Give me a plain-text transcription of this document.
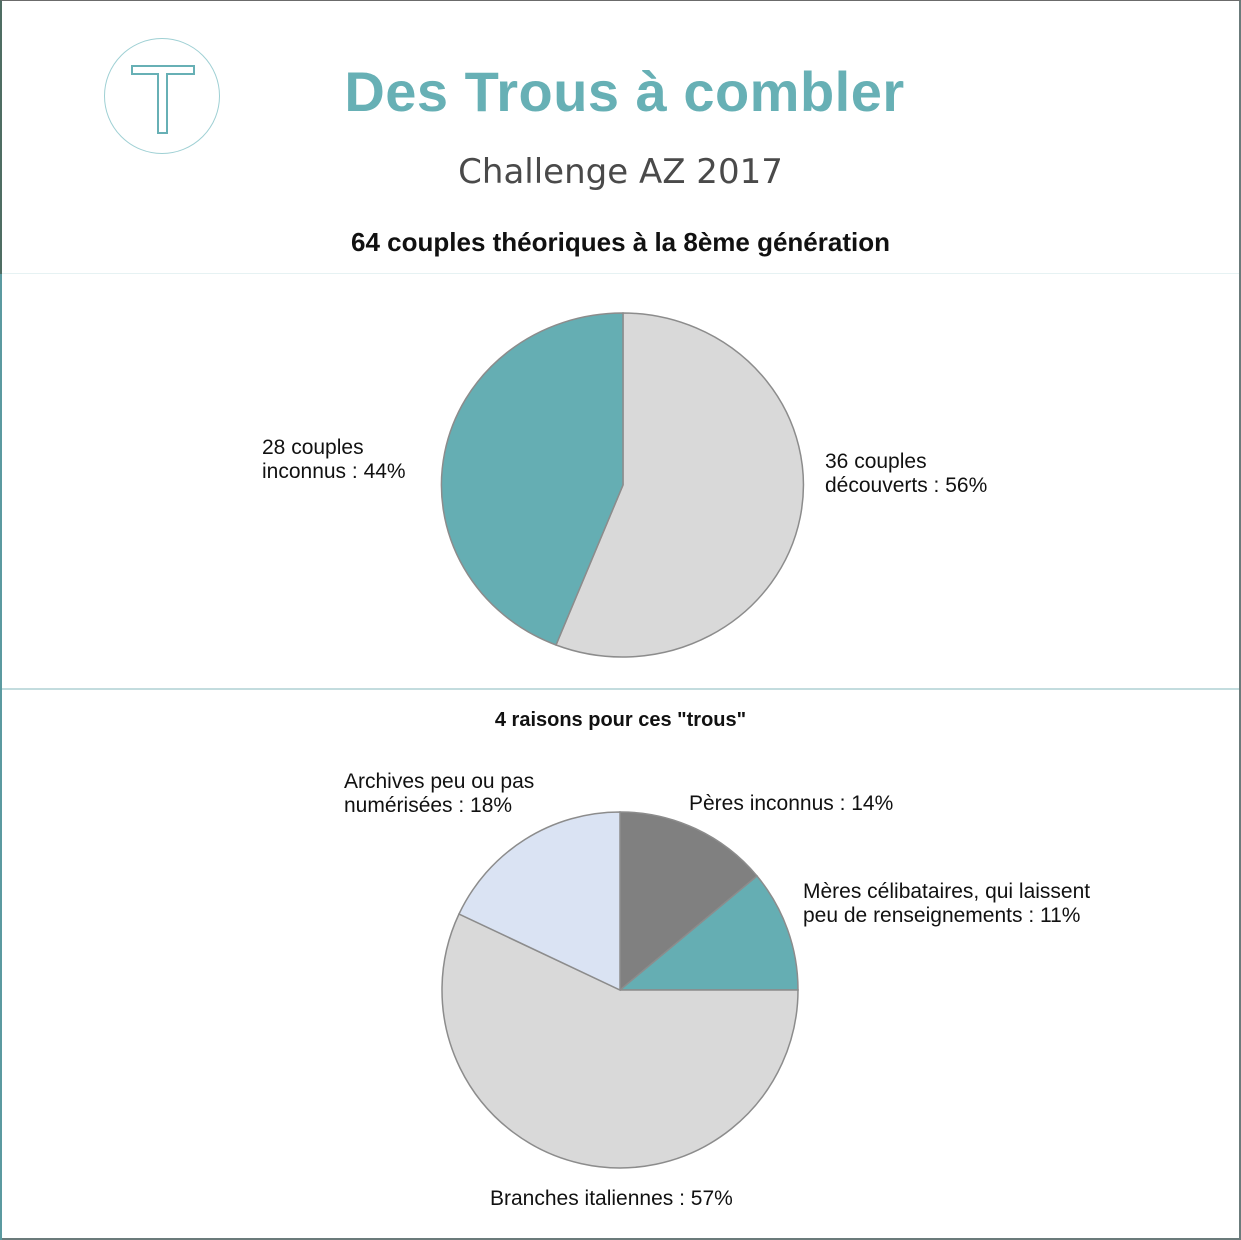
Des Trous à combler
Challenge AZ 2017
64 couples théoriques à la 8ème génération
28 couples
inconnus : 44%	36 couples
découverts : 56%
4 raisons pour ces "trous"
Archives peu ou pas
numérisées : 18%	Pères inconnus : 14%
Mères célibataires, qui laissent
peu de renseignements : 11%
Branches italiennes : 57%
